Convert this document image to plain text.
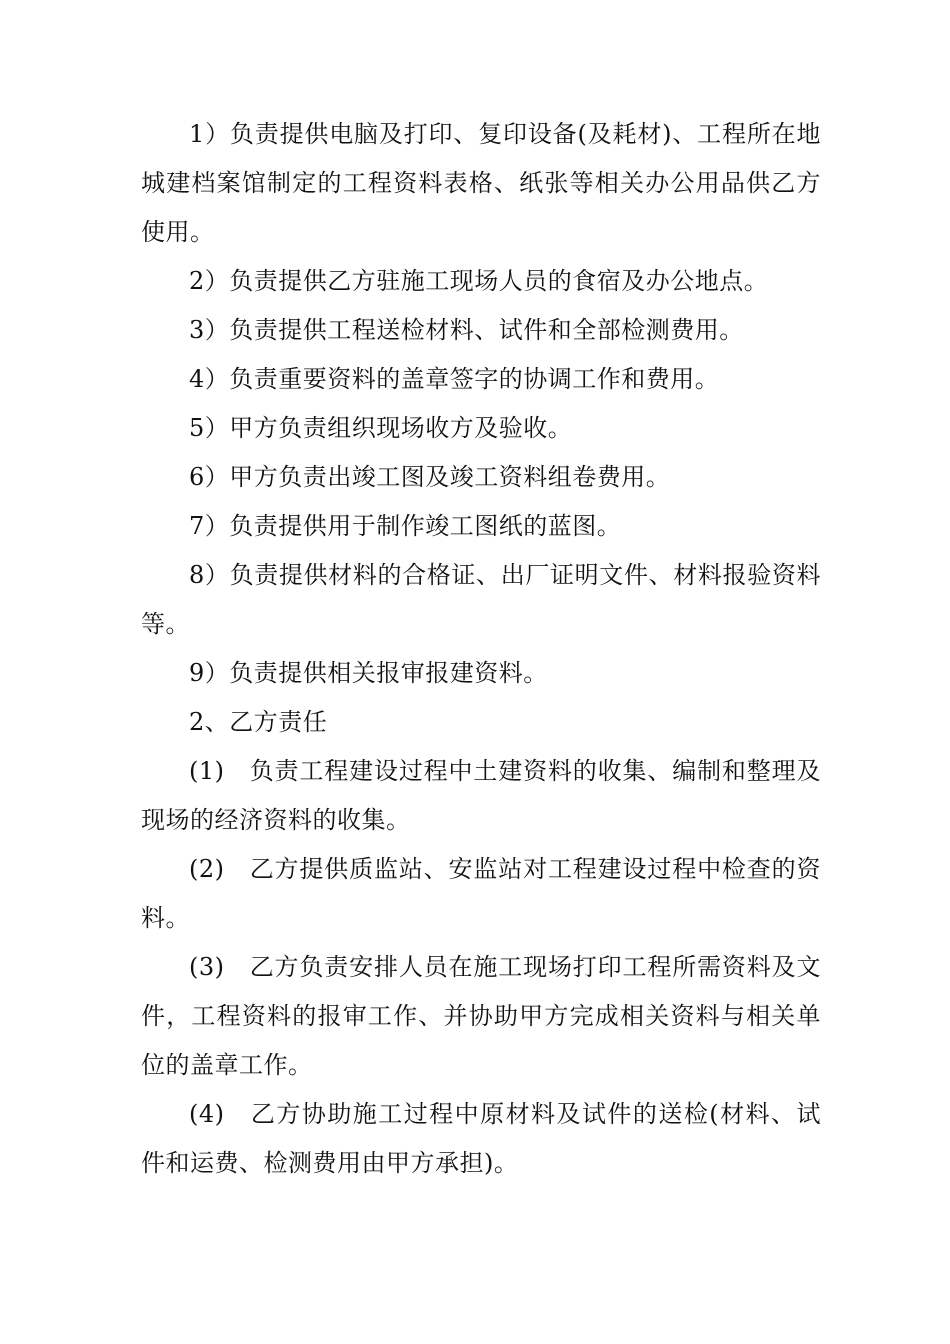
1）负责提供电脑及打印、复印设备(及耗材)、工程所在地城建档案馆制定的工程资料表格、纸张等相关办公用品供乙方使用。

2）负责提供乙方驻施工现场人员的食宿及办公地点。

3）负责提供工程送检材料、试件和全部检测费用。

4）负责重要资料的盖章签字的协调工作和费用。

5）甲方负责组织现场收方及验收。

6）甲方负责出竣工图及竣工资料组卷费用。

7）负责提供用于制作竣工图纸的蓝图。

8）负责提供材料的合格证、出厂证明文件、材料报验资料等。

9）负责提供相关报审报建资料。

2、乙方责任

(1)　负责工程建设过程中土建资料的收集、编制和整理及现场的经济资料的收集。

(2)　乙方提供质监站、安监站对工程建设过程中检查的资料。

(3)　乙方负责安排人员在施工现场打印工程所需资料及文件，工程资料的报审工作、并协助甲方完成相关资料与相关单位的盖章工作。

(4)　乙方协助施工过程中原材料及试件的送检(材料、试件和运费、检测费用由甲方承担)。
